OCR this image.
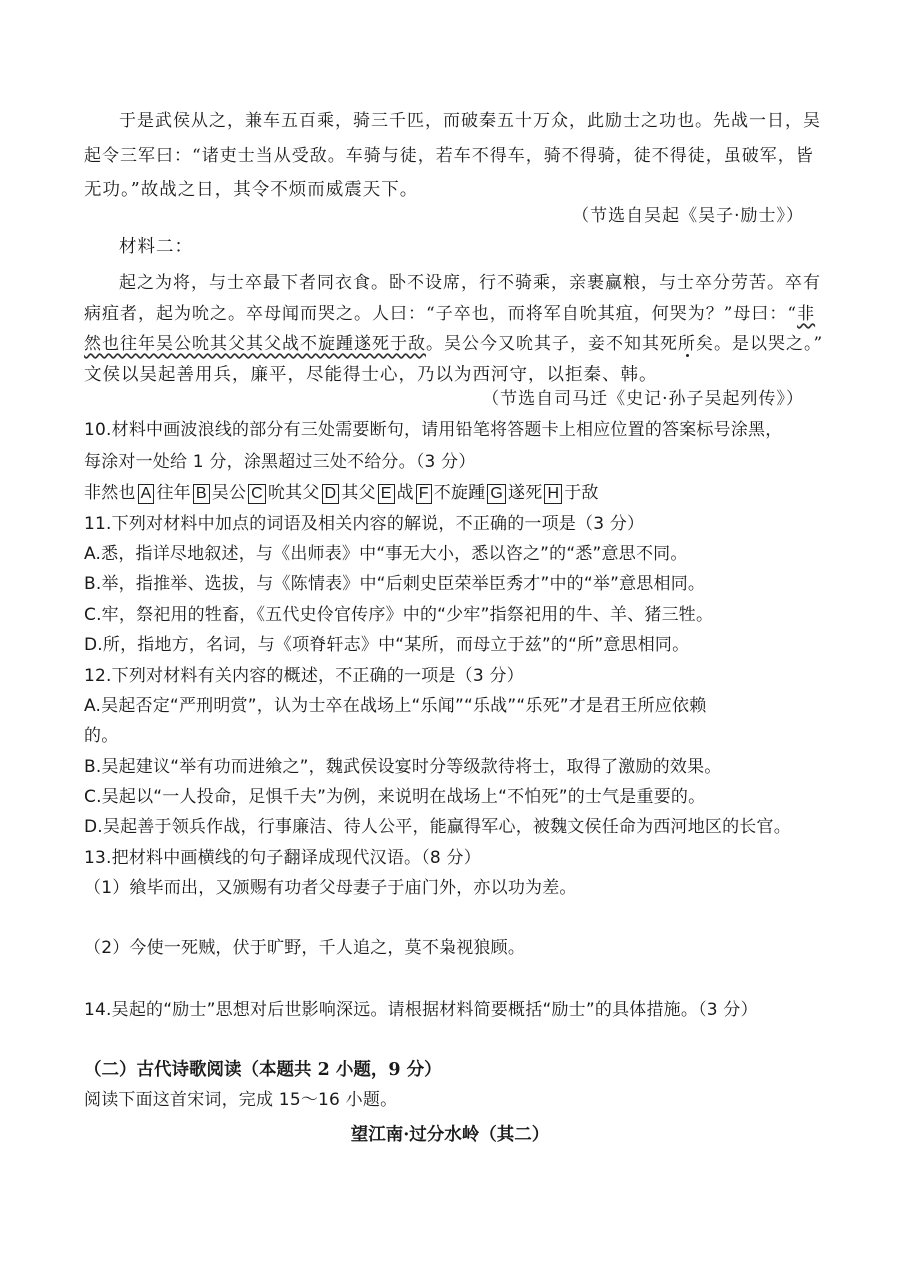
于是武侯从之，兼车五百乘，骑三千匹，而破秦五十万众，此励士之功也。先战一日，吴

起令三军曰：“诸吏士当从受敌。车骑与徒，若车不得车，骑不得骑，徒不得徒，虽破军，皆

无功。”故战之日，其令不烦而威震天下。

（节选自吴起《吴子·励士》）

材料二：

起之为将，与士卒最下者同衣食。卧不设席，行不骑乘，亲裹赢粮，与士卒分劳苦。卒有

病疽者，起为吮之。卒母闻而哭之。人曰：“子卒也，而将军自吮其疽，何哭为？”母曰：“非

然也往年吴公吮其父其父战不旋踵遂死于敌。吴公今又吮其子，妾不知其死所矣。是以哭之。”

文侯以吴起善用兵，廉平，尽能得士心，乃以为西河守，以拒秦、韩。

（节选自司马迁《史记·孙子吴起列传》）

10.材料中画波浪线的部分有三处需要断句，请用铅笔将答题卡上相应位置的答案标号涂黑，

每涂对一处给 1 分，涂黑超过三处不给分。（3 分）

非然也 A 往年 B 吴公 C 吮其父 D 其父 E 战 F 不旋踵 G 遂死 H 于敌

11.下列对材料中加点的词语及相关内容的解说，不正确的一项是（3 分）

A.悉，指详尽地叙述，与《出师表》中“事无大小，悉以咨之”的“悉”意思不同。

B.举，指推举、选拔，与《陈情表》中“后刺史臣荣举臣秀才”中的“举”意思相同。

C.牢，祭祀用的牲畜，《五代史伶官传序》中的“少牢”指祭祀用的牛、羊、猪三牲。

D.所，指地方，名词，与《项脊轩志》中“某所，而母立于兹”的“所”意思相同。

12.下列对材料有关内容的概述，不正确的一项是（3 分）

A.吴起否定“严刑明赏”，认为士卒在战场上“乐闻”“乐战”“乐死”才是君王所应依赖

的。

B.吴起建议“举有功而进飨之”，魏武侯设宴时分等级款待将士，取得了激励的效果。

C.吴起以“一人投命，足惧千夫”为例，来说明在战场上“不怕死”的士气是重要的。

D.吴起善于领兵作战，行事廉洁、待人公平，能赢得军心，被魏文侯任命为西河地区的长官。

13.把材料中画横线的句子翻译成现代汉语。（8 分）

（1）飨毕而出，又颁赐有功者父母妻子于庙门外，亦以功为差。

（2）今使一死贼，伏于旷野，千人追之，莫不枭视狼顾。

14.吴起的“励士”思想对后世影响深远。请根据材料简要概括“励士”的具体措施。（3 分）

（二）古代诗歌阅读（本题共 2 小题，9 分）

阅读下面这首宋词，完成 15～16 小题。

望江南·过分水岭（其二）
